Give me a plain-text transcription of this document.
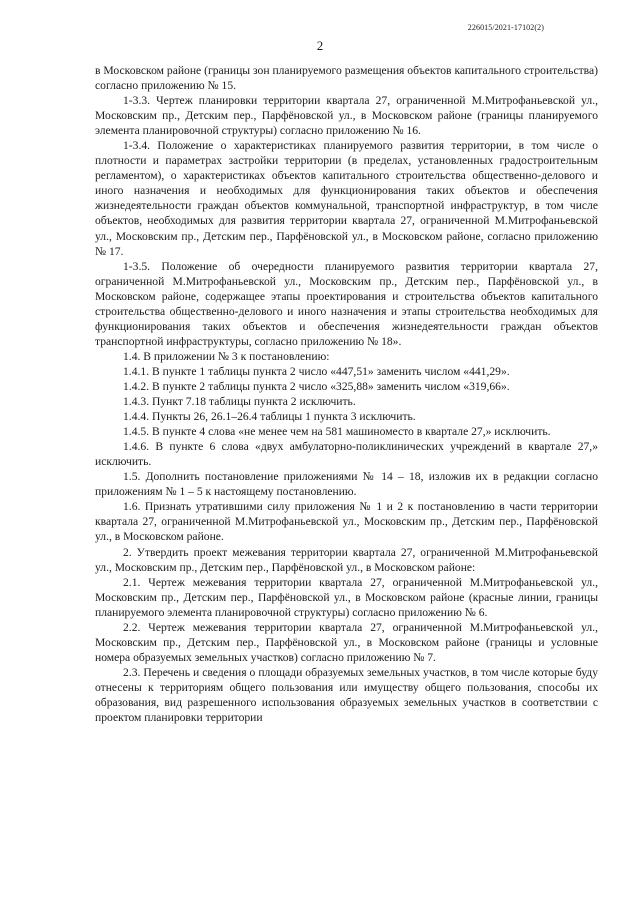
226015/2021-17102(2)
2

в Московском районе (границы зон планируемого размещения объектов капитального строительства) согласно приложению № 15.

1-3.3. Чертеж планировки территории квартала 27, ограниченной М.Митрофаньевской ул., Московским пр., Детским пер., Парфёновской ул., в Московском районе (границы планируемого элемента планировочной структуры) согласно приложению № 16.

1-3.4. Положение о характеристиках планируемого развития территории, в том числе о плотности и параметрах застройки территории (в пределах, установленных градостроительным регламентом), о характеристиках объектов капитального строительства общественно-делового и иного назначения и необходимых для функционирования таких объектов и обеспечения жизнедеятельности граждан объектов коммунальной, транспортной инфраструктур, в том числе объектов, необходимых для развития территории квартала 27, ограниченной М.Митрофаньевской ул., Московским пр., Детским пер., Парфёновской ул., в Московском районе, согласно приложению № 17.

1-3.5. Положение об очередности планируемого развития территории квартала 27, ограниченной М.Митрофаньевской ул., Московским пр., Детским пер., Парфёновской ул., в Московском районе, содержащее этапы проектирования и строительства объектов капитального строительства общественно-делового и иного назначения и этапы строительства необходимых для функционирования таких объектов и обеспечения жизнедеятельности граждан объектов транспортной инфраструктуры, согласно приложению № 18».

1.4. В приложении № 3 к постановлению:

1.4.1. В пункте 1 таблицы пункта 2 число «447,51» заменить числом «441,29».

1.4.2. В пункте 2 таблицы пункта 2 число «325,88» заменить числом «319,66».

1.4.3. Пункт 7.18 таблицы пункта 2 исключить.

1.4.4. Пункты 26, 26.1–26.4 таблицы 1 пункта 3 исключить.

1.4.5. В пункте 4 слова «не менее чем на 581 машиноместо в квартале 27,» исключить.

1.4.6. В пункте 6 слова «двух амбулаторно-поликлинических учреждений в квартале 27,» исключить.

1.5. Дополнить постановление приложениями № 14 – 18, изложив их в редакции согласно приложениям № 1 – 5 к настоящему постановлению.

1.6. Признать утратившими силу приложения № 1 и 2 к постановлению в части территории квартала 27, ограниченной М.Митрофаньевской ул., Московским пр., Детским пер., Парфёновской ул., в Московском районе.

2. Утвердить проект межевания территории квартала 27, ограниченной М.Митрофаньевской ул., Московским пр., Детским пер., Парфёновской ул., в Московском районе:

2.1. Чертеж межевания территории квартала 27, ограниченной М.Митрофаньевской ул., Московским пр., Детским пер., Парфёновской ул., в Московском районе (красные линии, границы планируемого элемента планировочной структуры) согласно приложению № 6.

2.2. Чертеж межевания территории квартала 27, ограниченной М.Митрофаньевской ул., Московским пр., Детским пер., Парфёновской ул., в Московском районе (границы и условные номера образуемых земельных участков) согласно приложению № 7.

2.3. Перечень и сведения о площади образуемых земельных участков, в том числе которые буду отнесены к территориям общего пользования или имуществу общего пользования, способы их образования, вид разрешенного использования образуемых земельных участков в соответствии с проектом планировки территории
